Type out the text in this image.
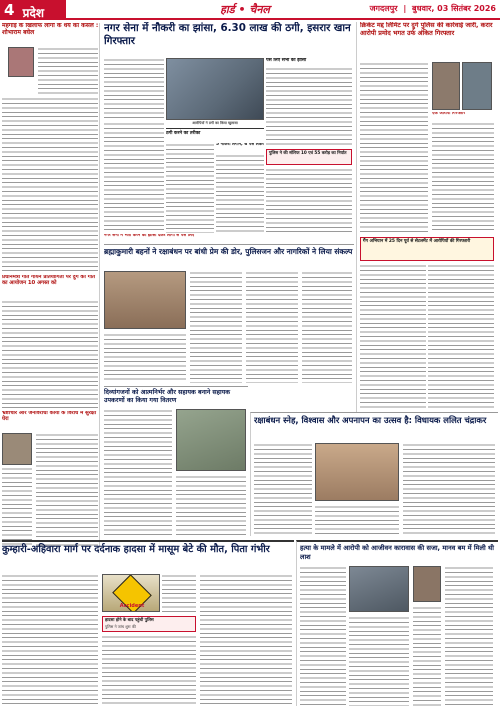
4 प्रदेश	हार्ड • चैनल	जगदलपुर | बुधवार, 03 सितंबर 2026
महंगाई के खिलाफ लोगों के धर्य का कसल : शोभाराम बघेल
प्रधानमंत्री गीत गायन प्रतियोगिता पर दुर्ग की गीत का आयोजन 10 अगस्त को
भ्रष्टाचार और जनविरोधी कार्यों के विरोध में सुरक्षा घेरा
नगर सेना में नौकरी का झांसा, 6.30 लाख की ठगी, इसरार खान गिरफ्तार
आरोपियों ने ठगी का किया खुलासा
पैसे लिए सभी को झांसा
पुलिस ने की संलिप्त 10 एवं 55 करोड़ का निर्यात
ठगी करने का तरीका
5 नौकरी लगाने, 6 पैसे लेकर
नगर सेना में भर्ती करने का झांसा देकर लोगों से पैसे लिए
क्रिकेट मद्द लिमिट पर दुर्ग पुलिस की कार्रवाई जारी, करार आरोपी प्रमोद भगत उर्फ अंकित गिरफ्तार
एक आरोपी गिरफ्तार
गैंग अभियान में 25 दिन पूर्व से सेटलमेंट में आरोपियों की गिरफ्तारी
ब्रह्माकुमारी बहनों ने रक्षाबंधन पर बांधी प्रेम की डोर, पुलिसजन और नागरिकों ने लिया संकल्प
दिव्यांगजनों को आत्मनिर्भर और सहायक बनाने सहायक उपकरणों का किया गया वितरण
रक्षाबंधन स्नेह, विश्वास और अपनापन का उत्सव है: विधायक ललित चंद्राकर
कुम्हारी-अहिवारा मार्ग पर दर्दनाक हादसा में मासूम बेटे की मौत, पिता गंभीर
Accident
हादसा होने के बाद पहुंची पुलिस
पुलिस ने जांच शुरू की
हत्या के मामले में आरोपी को आजीवन कारावास की सजा, मानव बम में मिली थी लाश
